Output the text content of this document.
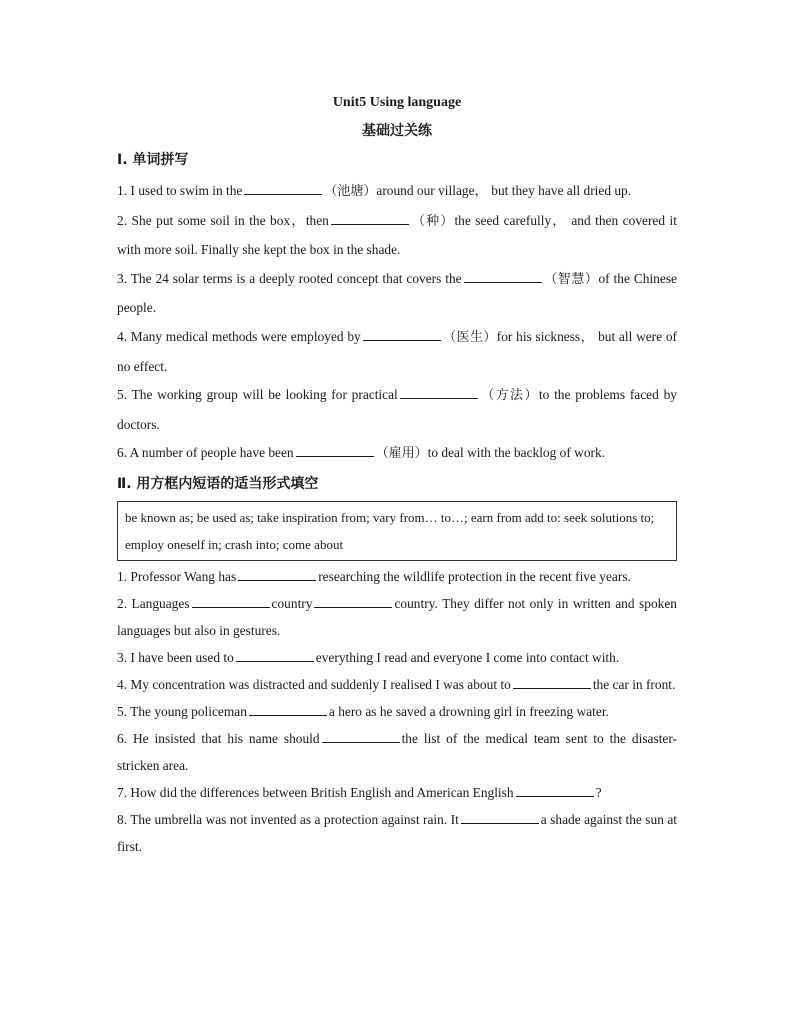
Unit5 Using language
基础过关练
Ⅰ. 单词拼写

1. I used to swim in the	（池塘）around our village， but they have all dried up.

2. She put some soil in the box，then	（种）the seed carefully， and then covered it with more soil. Finally she kept the box in the shade.

3. The 24 solar terms is a deeply rooted concept that covers the	（智慧）of the Chinese people.

4. Many medical methods were employed by	（医生）for his sickness， but all were of no effect.

5. The working group will be looking for practical	（方法）to the problems faced by doctors.

6. A number of people have been	（雇用）to deal with the backlog of work.

Ⅱ. 用方框内短语的适当形式填空
be known as; be used as; take inspiration from; vary from… to…; earn from add to: seek solutions to; employ oneself in; crash into; come about

1. Professor Wang has	researching the wildlife protection in the recent five years.

2. Languages	country	country. They differ not only in written and spoken languages but also in gestures.

3. I have been used to	everything I read and everyone I come into contact with.

4. My concentration was distracted and suddenly I realised I was about to	the car in front.

5. The young policeman	a hero as he saved a drowning girl in freezing water.

6. He insisted that his name should	the list of the medical team sent to the disaster-stricken area.

7. How did the differences between British English and American English	?

8. The umbrella was not invented as a protection against rain. It	a shade against the sun at first.
